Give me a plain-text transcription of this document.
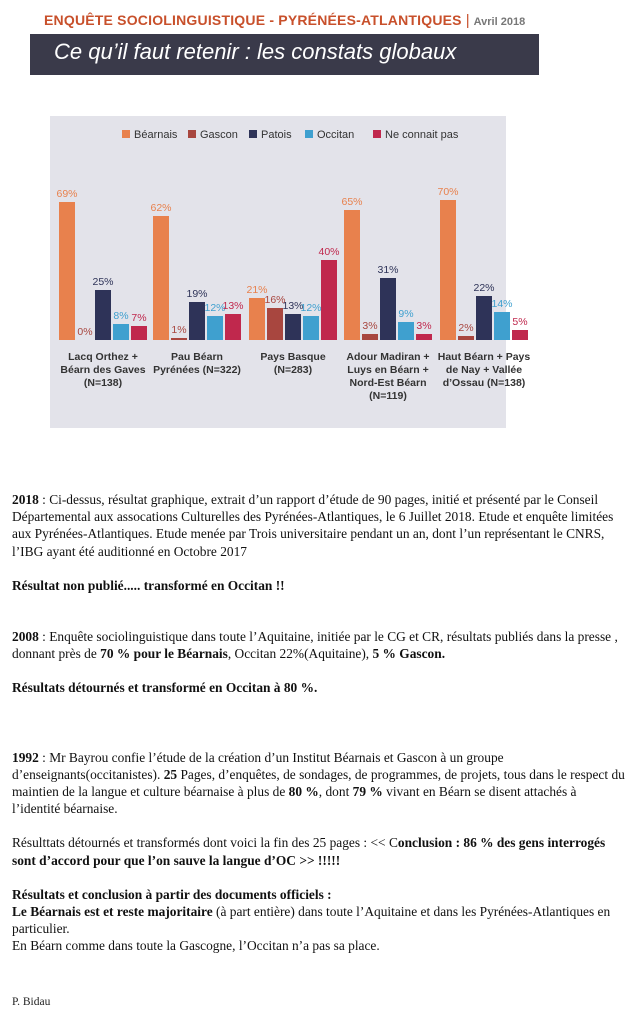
ENQUÊTE SOCIOLINGUISTIQUE - PYRÉNÉES-ATLANTIQUES | Avril 2018
Ce qu’il faut retenir : les constats globaux
Béarnais Gascon Patois Occitan	Ne connait pas
69%
0%
25%
8% 7%
62%
1%
19%
12%
13%
21%
16%
13%
12%
40%
65%
3%
31%
9%
3%
70%
2%
22%
14%
5%
Lacq Orthez +
Béarn des Gaves
(N=138)
Pau Béarn
Pyrénées (N=322)
Pays Basque
(N=283)
Adour Madiran +
Luys en Béarn +
Nord-Est Béarn
(N=119)
Haut Béarn + Pays
de Nay + Vallée
d’Ossau (N=138)

2018 : Ci-dessus, résultat graphique, extrait d’un rapport d’étude de 90 pages, initié et présenté par le Conseil Départemental aux assocations Culturelles des Pyrénées-Atlantiques, le 6 Juillet 2018. Etude et enquête limitées aux Pyrénées-Atlantiques. Etude menée par Trois universitaire pendant un an, dont l’un représentant le CNRS, l’IBG ayant été auditionné en Octobre 2017

Résultat non publié..... transformé en Occitan !!

2008 : Enquête sociolinguistique dans toute l’Aquitaine, initiée par le CG et CR, résultats publiés dans la presse , donnant près de 70 % pour le Béarnais, Occitan 22%(Aquitaine), 5 % Gascon.

Résultats détournés et transformé en Occitan à 80 %.

1992 : Mr Bayrou confie l’étude de la création d’un Institut Béarnais et Gascon à un groupe d’enseignants(occitanistes). 25 Pages, d’enquêtes, de sondages, de programmes, de projets, tous dans le respect du maintien de la langue et culture béarnaise à plus de 80 %, dont 79 % vivant en Béarn se disent attachés à l’identité béarnaise.

Résulttats détournés et transformés dont voici la fin des 25 pages : << Conclusion : 86 % des gens interrogés sont d’accord pour que l’on sauve la langue d’OC >> !!!!!

Résultats et conclusion à partir des documents officiels :

Le Béarnais est et reste majoritaire (à part entière) dans toute l’Aquitaine et dans les Pyrénées-Atlantiques en particulier.

En Béarn comme dans toute la Gascogne, l’Occitan n’a pas sa place.

P. Bidau
